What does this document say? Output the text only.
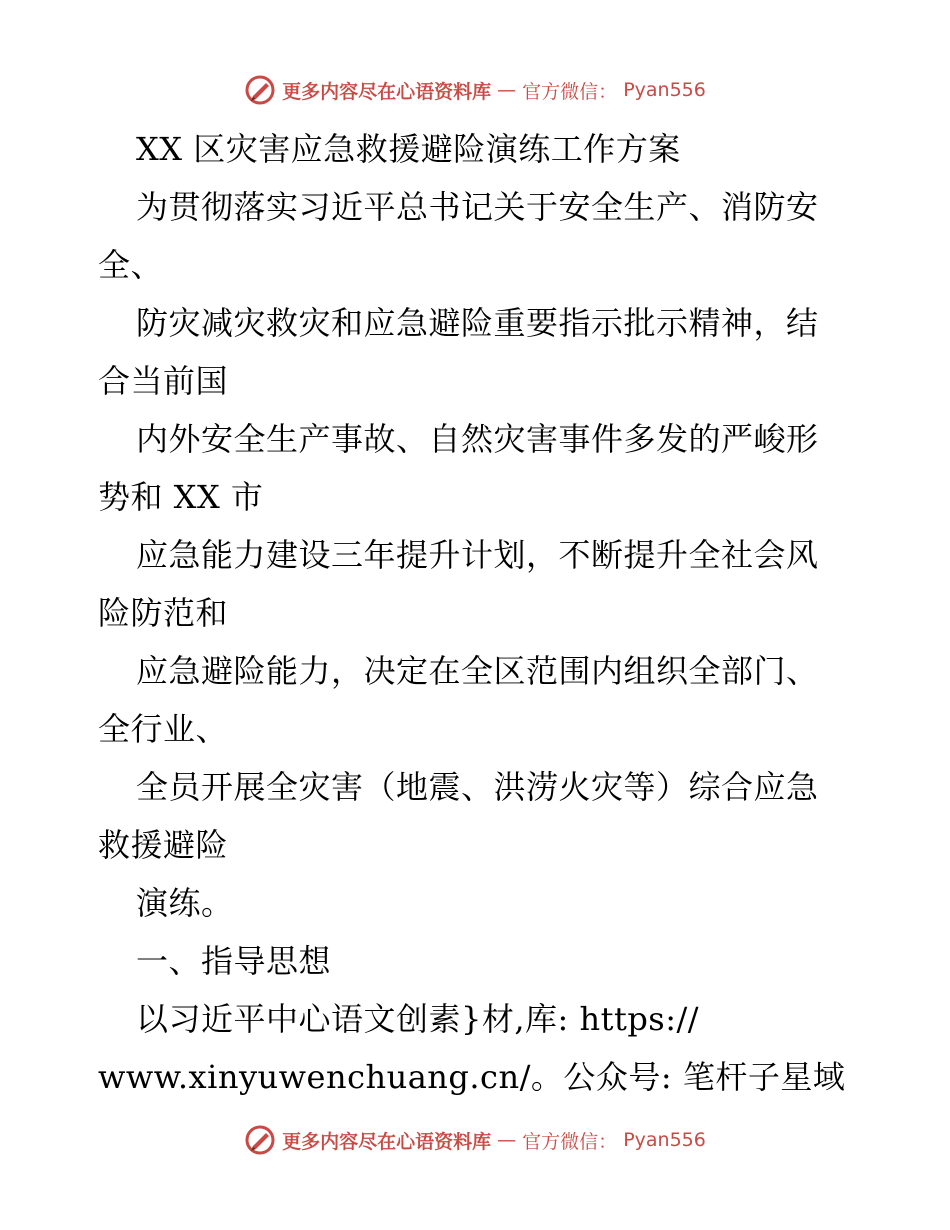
更多内容尽在心语资料库 — 官方微信： Pyan556
XX 区灾害应急救援避险演练工作方案
为贯彻落实习近平总书记关于安全生产、消防安
全、
防灾减灾救灾和应急避险重要指示批示精神，结
合当前国
内外安全生产事故、自然灾害事件多发的严峻形
势和 XX 市
应急能力建设三年提升计划，不断提升全社会风
险防范和
应急避险能力，决定在全区范围内组织全部门、
全行业、
全员开展全灾害（地震、洪涝火灾等）综合应急
救援避险
演练。
一、指导思想
以习近平中心语文创素}材,库: https://
www.xinyuwenchuang.cn/。公众号: 笔杆子星域
更多内容尽在心语资料库 — 官方微信： Pyan556
